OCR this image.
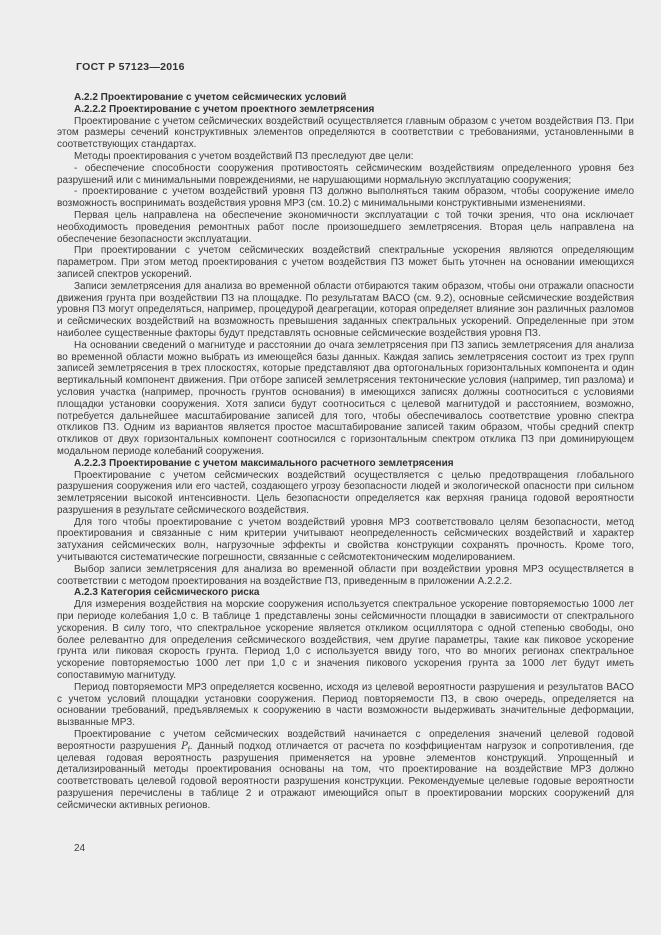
ГОСТ Р 57123—2016
А.2.2 Проектирование с учетом сейсмических условий
А.2.2.2 Проектирование с учетом проектного землетрясения
Проектирование с учетом сейсмических воздействий осуществляется главным образом с учетом воздействия ПЗ. При этом размеры сечений конструктивных элементов определяются в соответствии с требованиями, установленными в соответствующих стандартах.
Методы проектирования с учетом воздействий ПЗ преследуют две цели:
- обеспечение способности сооружения противостоять сейсмическим воздействиям определенного уровня без разрушений или с минимальными повреждениями, не нарушающими нормальную эксплуатацию сооружения;
- проектирование с учетом воздействий уровня ПЗ должно выполняться таким образом, чтобы сооружение имело возможность воспринимать воздействия уровня МРЗ (см. 10.2) с минимальными конструктивными изменениями.
Первая цель направлена на обеспечение экономичности эксплуатации с той точки зрения, что она исключает необходимость проведения ремонтных работ после произошедшего землетрясения. Вторая цель направлена на обеспечение безопасности эксплуатации.
При проектировании с учетом сейсмических воздействий спектральные ускорения являются определяющим параметром. При этом метод проектирования с учетом воздействия ПЗ может быть уточнен на основании имеющихся записей спектров ускорений.
Записи землетрясения для анализа во временной области отбираются таким образом, чтобы они отражали опасности движения грунта при воздействии ПЗ на площадке. По результатам ВАСО (см. 9.2), основные сейсмические воздействия уровня ПЗ могут определяться, например, процедурой деагрегации, которая определяет влияние зон различных разломов и сейсмических воздействий на возможность превышения заданных спектральных ускорений. Определенные при этом наиболее существенные факторы будут представлять основные сейсмические воздействия уровня ПЗ.
На основании сведений о магнитуде и расстоянии до очага землетрясения при ПЗ запись землетрясения для анализа во временной области можно выбрать из имеющейся базы данных. Каждая запись землетрясения состоит из трех групп записей землетрясения в трех плоскостях, которые представляют два ортогональных горизонтальных компонента и один вертикальный компонент движения. При отборе записей землетрясения тектонические условия (например, тип разлома) и условия участка (например, прочность грунтов основания) в имеющихся записях должны соотноситься с условиями площадки установки сооружения. Хотя записи будут соотноситься с целевой магнитудой и расстоянием, возможно, потребуется дальнейшее масштабирование записей для того, чтобы обеспечивалось соответствие уровню спектра откликов ПЗ. Одним из вариантов является простое масштабирование записей таким образом, чтобы средний спектр откликов от двух горизонтальных компонент соотносился с горизонтальным спектром отклика ПЗ при доминирующем модальном периоде колебаний сооружения.
А.2.2.3 Проектирование с учетом максимального расчетного землетрясения
Проектирование с учетом сейсмических воздействий осуществляется с целью предотвращения глобального разрушения сооружения или его частей, создающего угрозу безопасности людей и экологической опасности при сильном землетрясении высокой интенсивности. Цель безопасности определяется как верхняя граница годовой вероятности разрушения в результате сейсмического воздействия.
Для того чтобы проектирование с учетом воздействий уровня МРЗ соответствовало целям безопасности, метод проектирования и связанные с ним критерии учитывают неопределенность сейсмических воздействий и характер затухания сейсмических волн, нагрузочные эффекты и свойства конструкции сохранять прочность. Кроме того, учитываются систематические погрешности, связанные с сейсмотектоническим моделированием.
Выбор записи землетрясения для анализа во временной области при воздействии уровня МРЗ осуществляется в соответствии с методом проектирования на воздействие ПЗ, приведенным в приложении А.2.2.2.
А.2.3 Категория сейсмического риска
Для измерения воздействия на морские сооружения используется спектральное ускорение повторяемостью 1000 лет при периоде колебания 1,0 с. В таблице 1 представлены зоны сейсмичности площадки в зависимости от спектрального ускорения. В силу того, что спектральное ускорение является откликом осциллятора с одной степенью свободы, оно более релевантно для определения сейсмического воздействия, чем другие параметры, такие как пиковое ускорение грунта или пиковая скорость грунта. Период 1,0 с используется ввиду того, что во многих регионах спектральное ускорение повторяемостью 1000 лет при 1,0 с и значения пикового ускорения грунта за 1000 лет будут иметь сопоставимую магнитуду.
Период повторяемости МРЗ определяется косвенно, исходя из целевой вероятности разрушения и результатов ВАСО с учетом условий площадки установки сооружения. Период повторяемости ПЗ, в свою очередь, определяется на основании требований, предъявляемых к сооружению в части возможности выдерживать значительные деформации, вызванные МРЗ.
Проектирование с учетом сейсмических воздействий начинается с определения значений целевой годовой вероятности разрушения $P_f$. Данный подход отличается от расчета по коэффициентам нагрузок и сопротивления, где целевая годовая вероятность разрушения применяется на уровне элементов конструкций. Упрощенный и детализированный методы проектирования основаны на том, что проектирование на воздействие МРЗ должно соответствовать целевой годовой вероятности разрушения конструкции. Рекомендуемые целевые годовые вероятности разрушения перечислены в таблице 2 и отражают имеющийся опыт в проектировании морских сооружений для сейсмически активных регионов.
24
